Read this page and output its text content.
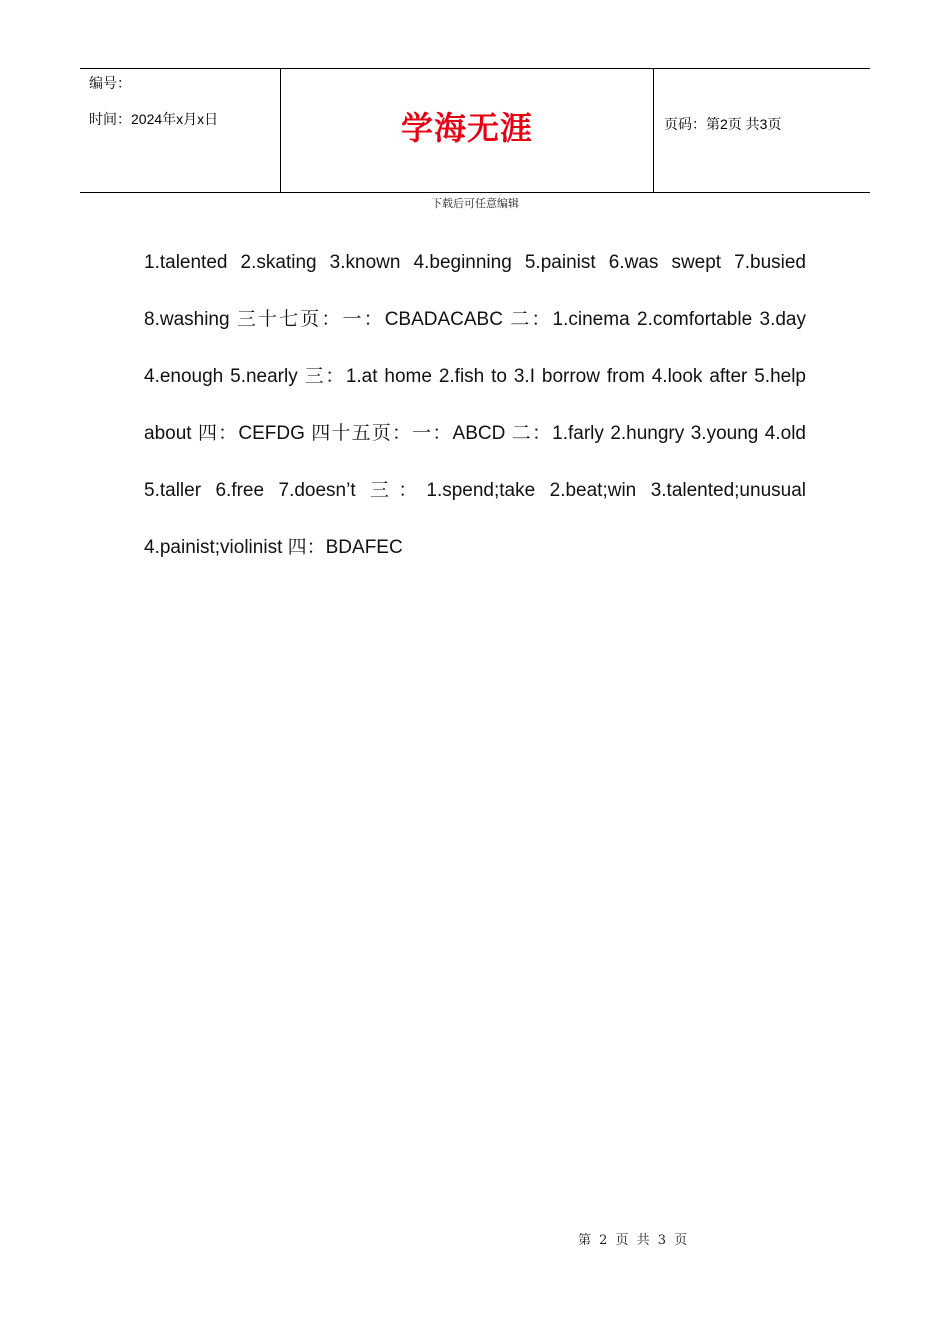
编号：
时间：2024年x月x日	学海无涯	页码：第2页 共3页
下载后可任意编辑
1.talented 2.skating 3.known 4.beginning 5.painist 6.was swept 7.busied 8.washing 三十七页：一：CBADACABC 二：1.cinema 2.comfortable 3.day 4.enough 5.nearly 三：1.at home 2.fish to 3.I borrow from 4.look after 5.help about 四：CEFDG 四十五页：一：ABCD 二：1.farly 2.hungry 3.young 4.old 5.taller 6.free 7.doesn’t 三：1.spend;take 2.beat;win 3.talented;unusual 4.painist;violinist 四：BDAFEC
第 2 页 共 3 页
